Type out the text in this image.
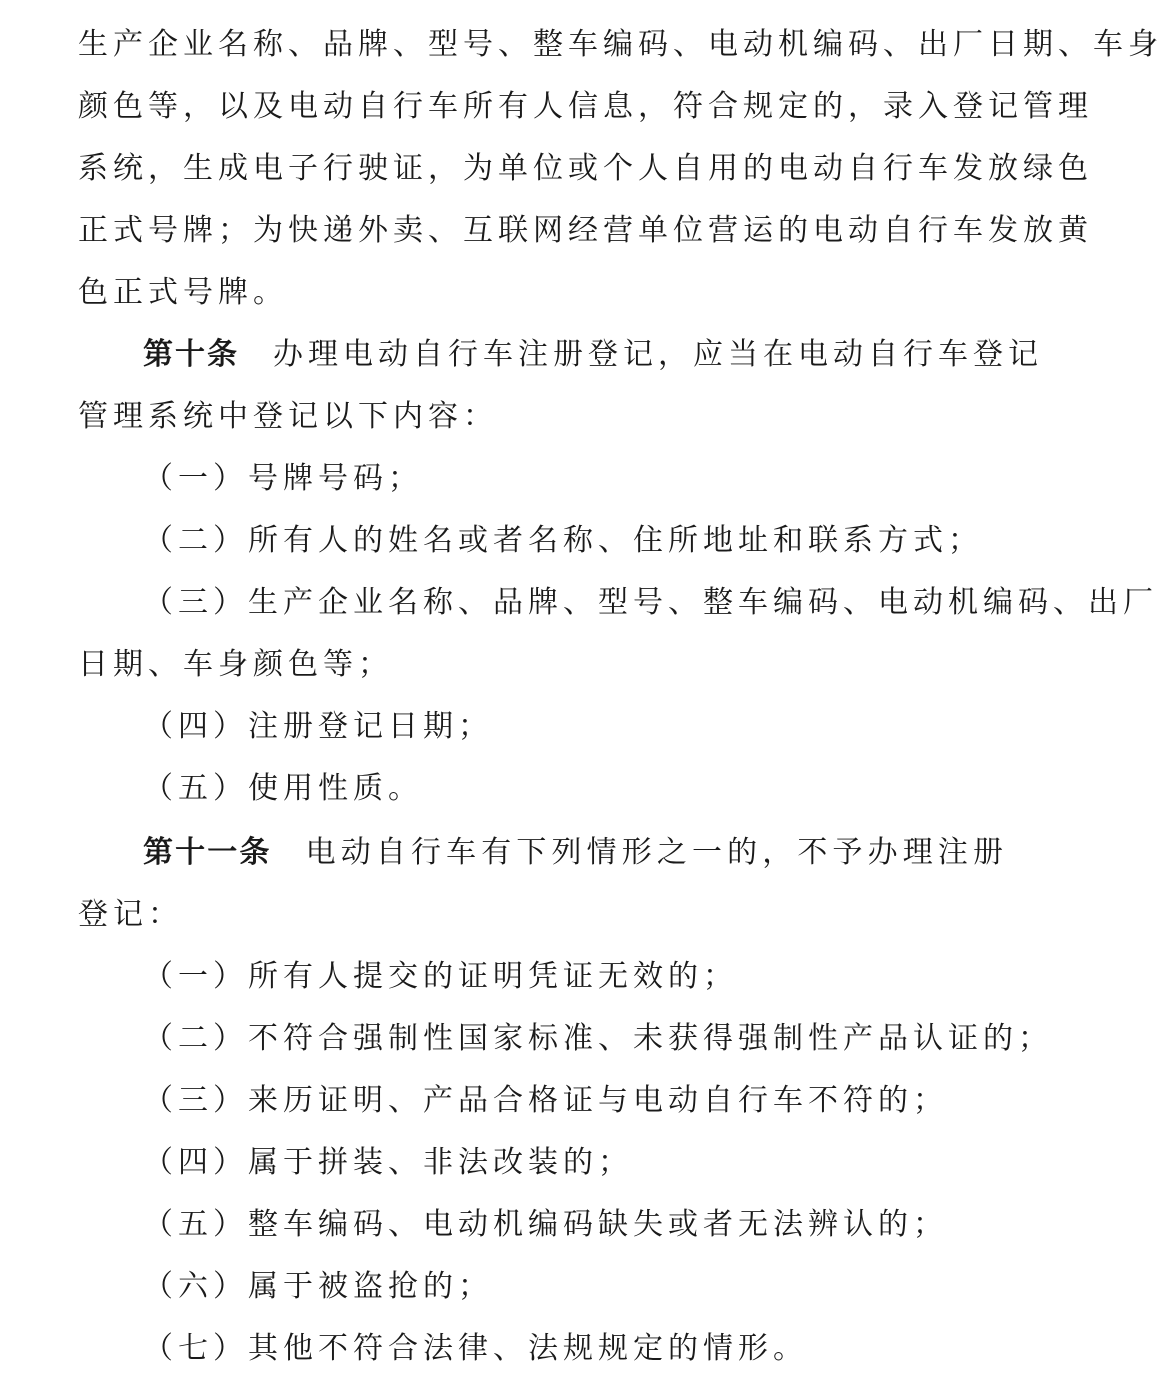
生产企业名称、品牌、型号、整车编码、电动机编码、出厂日期、车身
颜色等，以及电动自行车所有人信息，符合规定的，录入登记管理
系统，生成电子行驶证，为单位或个人自用的电动自行车发放绿色
正式号牌；为快递外卖、互联网经营单位营运的电动自行车发放黄
色正式号牌。
第十条 办理电动自行车注册登记，应当在电动自行车登记
管理系统中登记以下内容：
（一）号牌号码；
（二）所有人的姓名或者名称、住所地址和联系方式；
（三）生产企业名称、品牌、型号、整车编码、电动机编码、出厂
日期、车身颜色等；
（四）注册登记日期；
（五）使用性质。
第十一条 电动自行车有下列情形之一的，不予办理注册
登记：
（一）所有人提交的证明凭证无效的；
（二）不符合强制性国家标准、未获得强制性产品认证的；
（三）来历证明、产品合格证与电动自行车不符的；
（四）属于拼装、非法改装的；
（五）整车编码、电动机编码缺失或者无法辨认的；
（六）属于被盗抢的；
（七）其他不符合法律、法规规定的情形。
